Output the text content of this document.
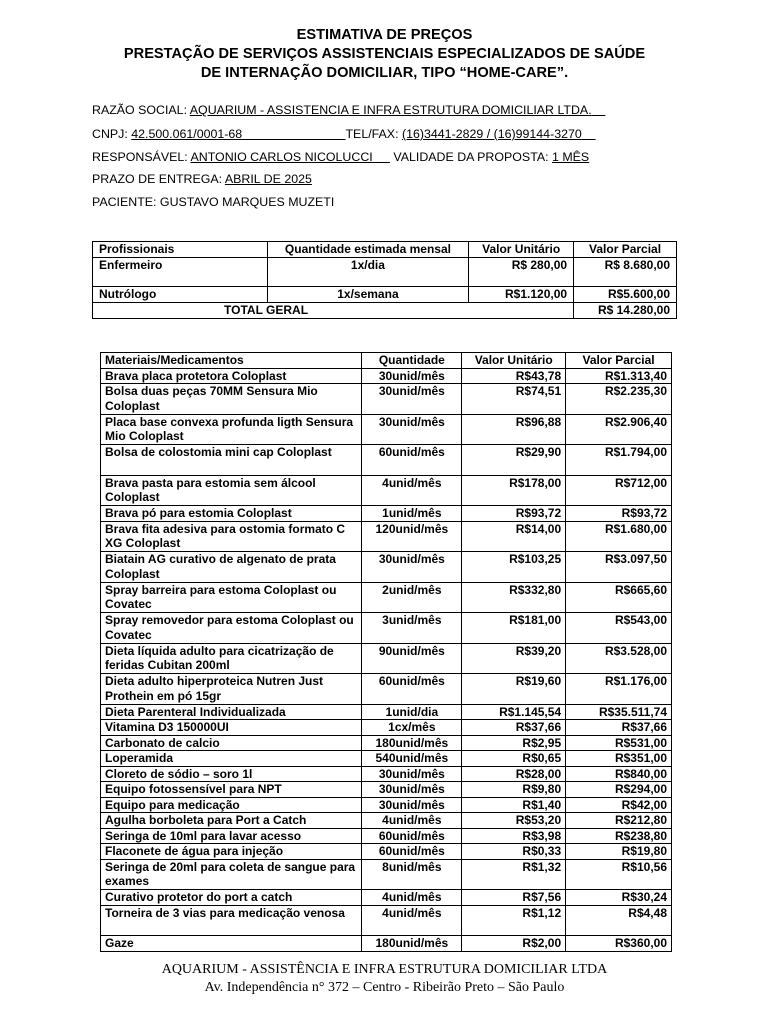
ESTIMATIVA DE PREÇOS
PRESTAÇÃO DE SERVIÇOS ASSISTENCIAIS ESPECIALIZADOS DE SAÚDE
DE INTERNAÇÃO DOMICILIAR, TIPO “HOME-CARE”.
RAZÃO SOCIAL: AQUARIUM - ASSISTENCIA E INFRA ESTRUTURA DOMICILIAR LTDA.
CNPJ: 42.500.061/0001-68	TEL/FAX: (16)3441-2829 / (16)99144-3270
RESPONSÁVEL: ANTONIO CARLOS NICOLUCCI VALIDADE DA PROPOSTA: 1 MÊS
PRAZO DE ENTREGA: ABRIL DE 2025
PACIENTE: GUSTAVO MARQUES MUZETI
Profissionais	Quantidade estimada mensal	Valor Unitário	Valor Parcial
Enfermeiro	1x/dia	R$ 280,00	R$ 8.680,00
Nutrólogo	1x/semana	R$1.120,00	R$5.600,00
TOTAL GERAL			R$ 14.280,00
Materiais/Medicamentos	Quantidade	Valor Unitário	Valor Parcial
Brava placa protetora Coloplast	30unid/mês	R$43,78	R$1.313,40
Bolsa duas peças 70MM Sensura Mio Coloplast	30unid/mês	R$74,51	R$2.235,30
Placa base convexa profunda ligth Sensura Mio Coloplast	30unid/mês	R$96,88	R$2.906,40
Bolsa de colostomia mini cap Coloplast	60unid/mês	R$29,90	R$1.794,00
Brava pasta para estomia sem álcool Coloplast	4unid/mês	R$178,00	R$712,00
Brava pó para estomia Coloplast	1unid/mês	R$93,72	R$93,72
Brava fita adesiva para ostomia formato C XG Coloplast	120unid/mês	R$14,00	R$1.680,00
Biatain AG curativo de algenato de prata Coloplast	30unid/mês	R$103,25	R$3.097,50
Spray barreira para estoma Coloplast ou Covatec	2unid/mês	R$332,80	R$665,60
Spray removedor para estoma Coloplast ou Covatec	3unid/mês	R$181,00	R$543,00
Dieta líquida adulto para cicatrização de feridas Cubitan 200ml	90unid/mês	R$39,20	R$3.528,00
Dieta adulto hiperproteica Nutren Just Prothein em pó 15gr	60unid/mês	R$19,60	R$1.176,00
Dieta Parenteral Individualizada	1unid/dia	R$1.145,54	R$35.511,74
Vitamina D3 150000UI	1cx/mês	R$37,66	R$37,66
Carbonato de calcio	180unid/mês	R$2,95	R$531,00
Loperamida	540unid/mês	R$0,65	R$351,00
Cloreto de sódio – soro 1l	30unid/mês	R$28,00	R$840,00
Equipo fotossensível para NPT	30unid/mês	R$9,80	R$294,00
Equipo para medicação	30unid/mês	R$1,40	R$42,00
Agulha borboleta para Port a Catch	4unid/mês	R$53,20	R$212,80
Seringa de 10ml para lavar acesso	60unid/mês	R$3,98	R$238,80
Flaconete de água para injeção	60unid/mês	R$0,33	R$19,80
Seringa de 20ml para coleta de sangue para exames	8unid/mês	R$1,32	R$10,56
Curativo protetor do port a catch	4unid/mês	R$7,56	R$30,24
Torneira de 3 vias para medicação venosa	4unid/mês	R$1,12	R$4,48
Gaze	180unid/mês	R$2,00	R$360,00
AQUARIUM - ASSISTÊNCIA E INFRA ESTRUTURA DOMICILIAR LTDA
Av. Independência n° 372 – Centro - Ribeirão Preto – São Paulo
